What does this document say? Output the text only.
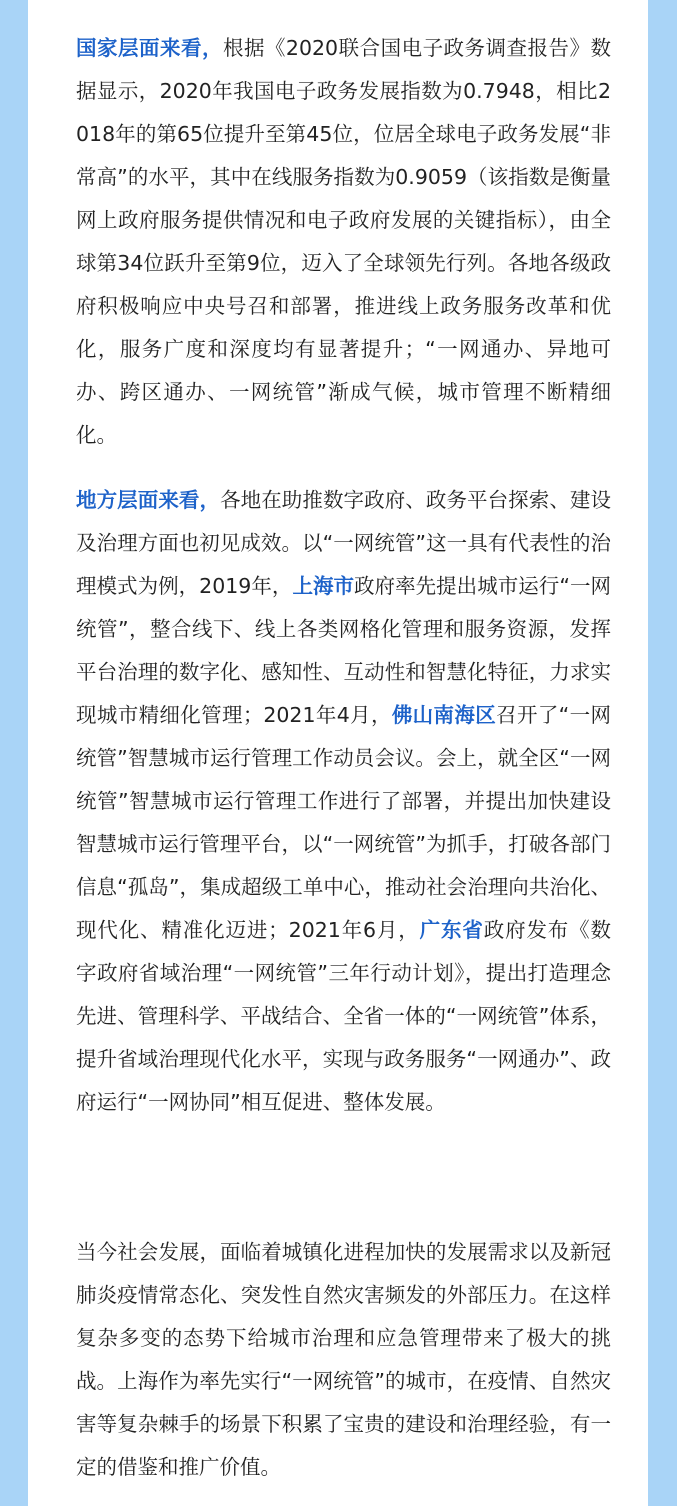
国家层面来看，根据《2020联合国电子政务调查报告》数据显示，2020年我国电子政务发展指数为0.7948，相比2018年的第65位提升至第45位，位居全球电子政务发展“非常高”的水平，其中在线服务指数为0.9059（该指数是衡量网上政府服务提供情况和电子政府发展的关键指标），由全球第34位跃升至第9位，迈入了全球领先行列。各地各级政府积极响应中央号召和部署，推进线上政务服务改革和优化，服务广度和深度均有显著提升；“一网通办、异地可办、跨区通办、一网统管”渐成气候，城市管理不断精细化。

地方层面来看，各地在助推数字政府、政务平台探索、建设及治理方面也初见成效。以“一网统管”这一具有代表性的治理模式为例，2019年，上海市政府率先提出城市运行“一网统管”，整合线下、线上各类网格化管理和服务资源，发挥平台治理的数字化、感知性、互动性和智慧化特征，力求实现城市精细化管理；2021年4月，佛山南海区召开了“一网统管”智慧城市运行管理工作动员会议。会上，就全区“一网统管”智慧城市运行管理工作进行了部署，并提出加快建设智慧城市运行管理平台，以“一网统管”为抓手，打破各部门信息“孤岛”，集成超级工单中心，推动社会治理向共治化、现代化、精准化迈进；2021年6月，广东省政府发布《数字政府省域治理“一网统管”三年行动计划》，提出打造理念先进、管理科学、平战结合、全省一体的“一网统管”体系，提升省域治理现代化水平，实现与政务服务“一网通办”、政府运行“一网协同”相互促进、整体发展。

当今社会发展，面临着城镇化进程加快的发展需求以及新冠肺炎疫情常态化、突发性自然灾害频发的外部压力。在这样复杂多变的态势下给城市治理和应急管理带来了极大的挑战。上海作为率先实行“一网统管”的城市，在疫情、自然灾害等复杂棘手的场景下积累了宝贵的建设和治理经验，有一定的借鉴和推广价值。
